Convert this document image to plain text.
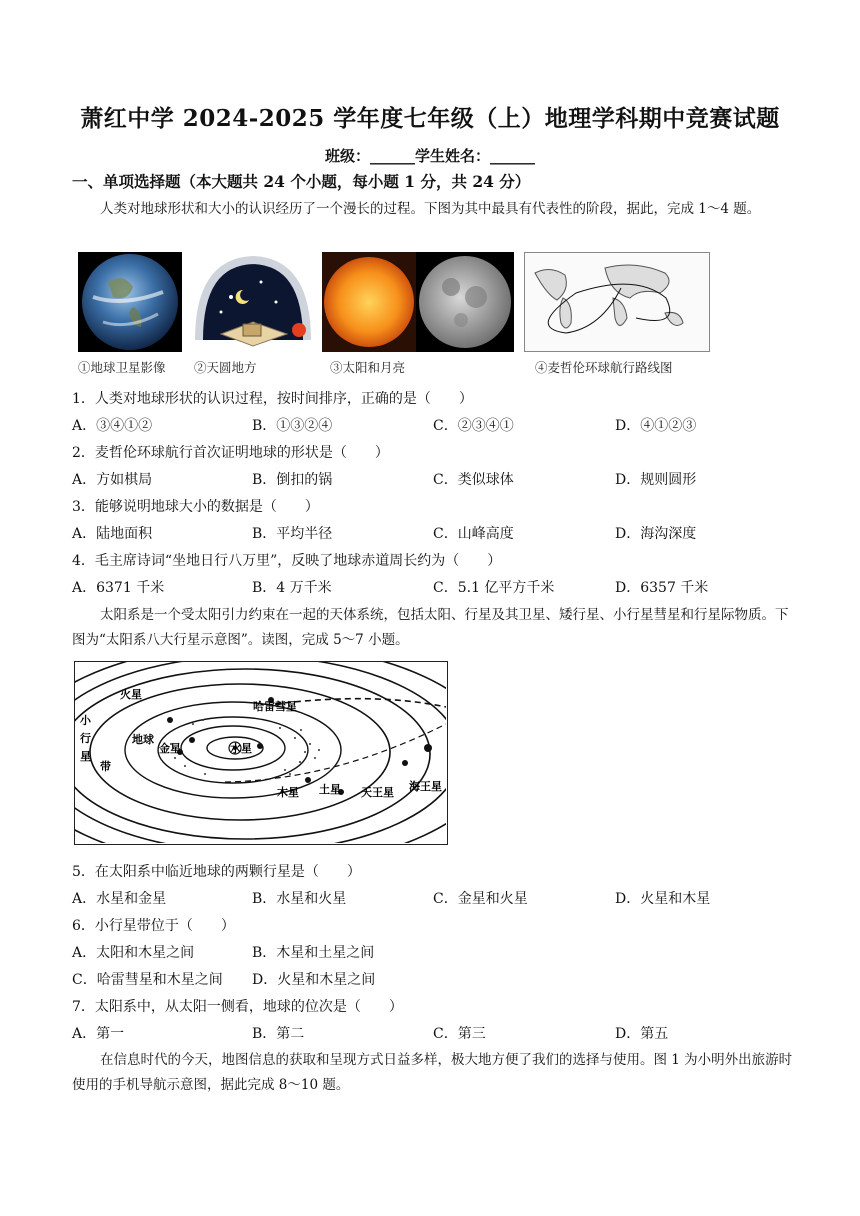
萧红中学 2024-2025 学年度七年级（上）地理学科期中竞赛试题
班级：______学生姓名：______
一、单项选择题（本大题共 24 个小题，每小题 1 分，共 24 分）
人类对地球形状和大小的认识经历了一个漫长的过程。下图为其中最具有代表性的阶段，据此，完成 1～4 题。
①地球卫星影像 ②天圆地方	③太阳和月亮	④麦哲伦环球航行路线图
1．人类对地球形状的认识过程，按时间排序，正确的是（　　）
A．③④①②	B．①③②④	C．②③④①	D．④①②③
2．麦哲伦环球航行首次证明地球的形状是（　　）
A．方如棋局	B．倒扣的锅	C．类似球体	D．规则圆形
3．能够说明地球大小的数据是（　　）
A．陆地面积	B．平均半径	C．山峰高度	D．海沟深度
4．毛主席诗词“坐地日行八万里”，反映了地球赤道周长约为（　　）
A．6371 千米	B．4 万千米	C．5.1 亿平方千米	D．6357 千米
太阳系是一个受太阳引力约束在一起的天体系统，包括太阳、行星及其卫星、矮行星、小行星彗星和行星际物质。下图为“太阳系八大行星示意图”。读图，完成 5～7 小题。
小
行
星
带
火星
地球
金星	水星
哈雷彗星
木星 土星 天王星 海王星
5．在太阳系中临近地球的两颗行星是（　　）
A．水星和金星	B．水星和火星	C．金星和火星	D．火星和木星
6．小行星带位于（　　）
A．太阳和木星之间	B．木星和土星之间
C．哈雷彗星和木星之间 D．火星和木星之间
7．太阳系中，从太阳一侧看，地球的位次是（　　）
A．第一	B．第二	C．第三	D．第五
在信息时代的今天，地图信息的获取和呈现方式日益多样，极大地方便了我们的选择与使用。图 1 为小明外出旅游时使用的手机导航示意图，据此完成 8～10 题。
